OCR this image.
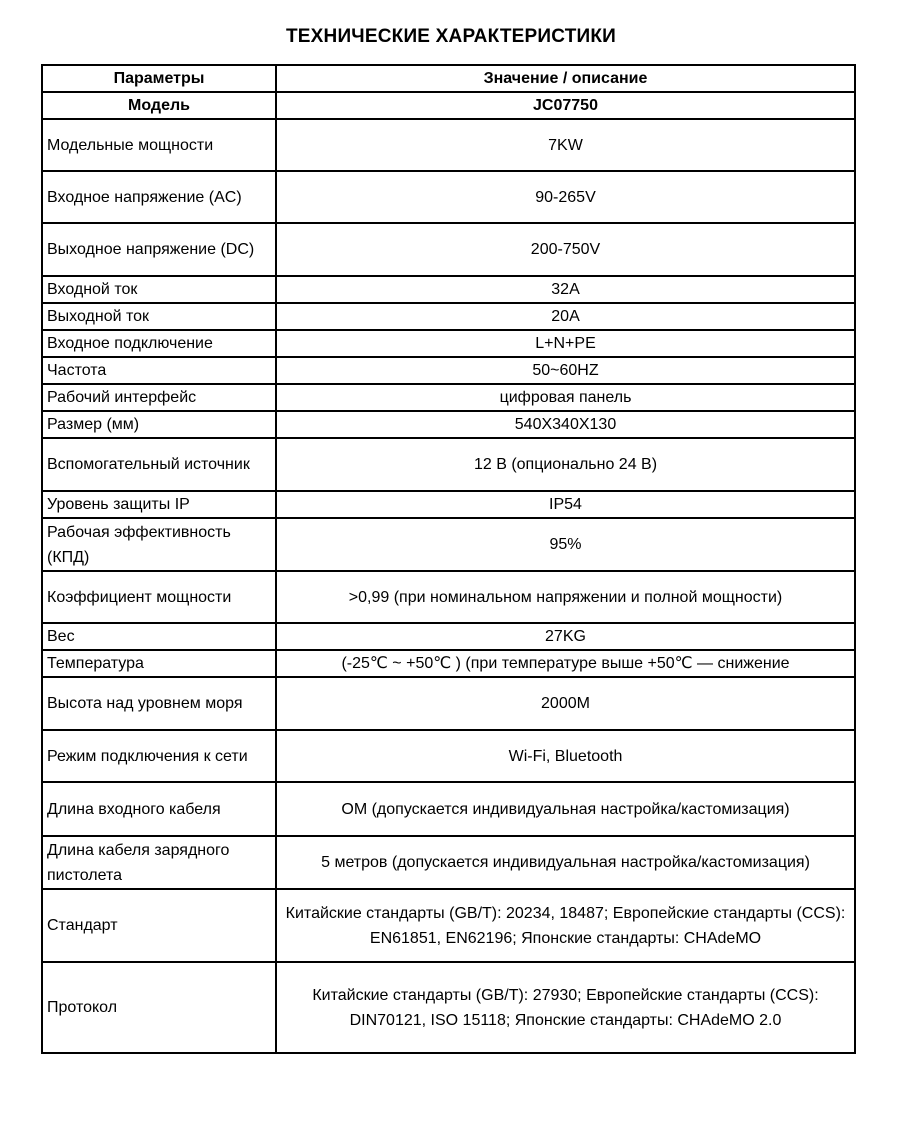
ТЕХНИЧЕСКИЕ ХАРАКТЕРИСТИКИ
Параметры	Значение / описание
Модель	JC07750
Модельные мощности	7KW
Входное напряжение (AC)	90-265V
Выходное напряжение (DC)	200-750V
Входной ток	32A
Выходной ток	20A
Входное подключение	L+N+PE
Частота	50~60HZ
Рабочий интерфейс	цифровая панель
Размер (мм)	540X340X130
Вспомогательный источник	12 В (опционально 24 В)
Уровень защиты IP	IP54
Рабочая эффективность (КПД)	95%
Коэффициент мощности	>0,99 (при номинальном напряжении и полной мощности)
Вес	27KG
Температура	(-25℃ ~ +50℃ ) (при температуре выше +50℃ — снижение
Высота над уровнем моря	2000M
Режим подключения к сети	Wi-Fi, Bluetooth
Длина входного кабеля	OM (допускается индивидуальная настройка/кастомизация)
Длина кабеля зарядного пистолета	5 метров (допускается индивидуальная настройка/кастомизация)
Стандарт	Китайские стандарты (GB/T): 20234, 18487; Европейские стандарты (CCS): EN61851, EN62196; Японские стандарты: CHAdeMO
Протокол	Китайские стандарты (GB/T): 27930; Европейские стандарты (CCS): DIN70121, ISO 15118; Японские стандарты: CHAdeMO 2.0
